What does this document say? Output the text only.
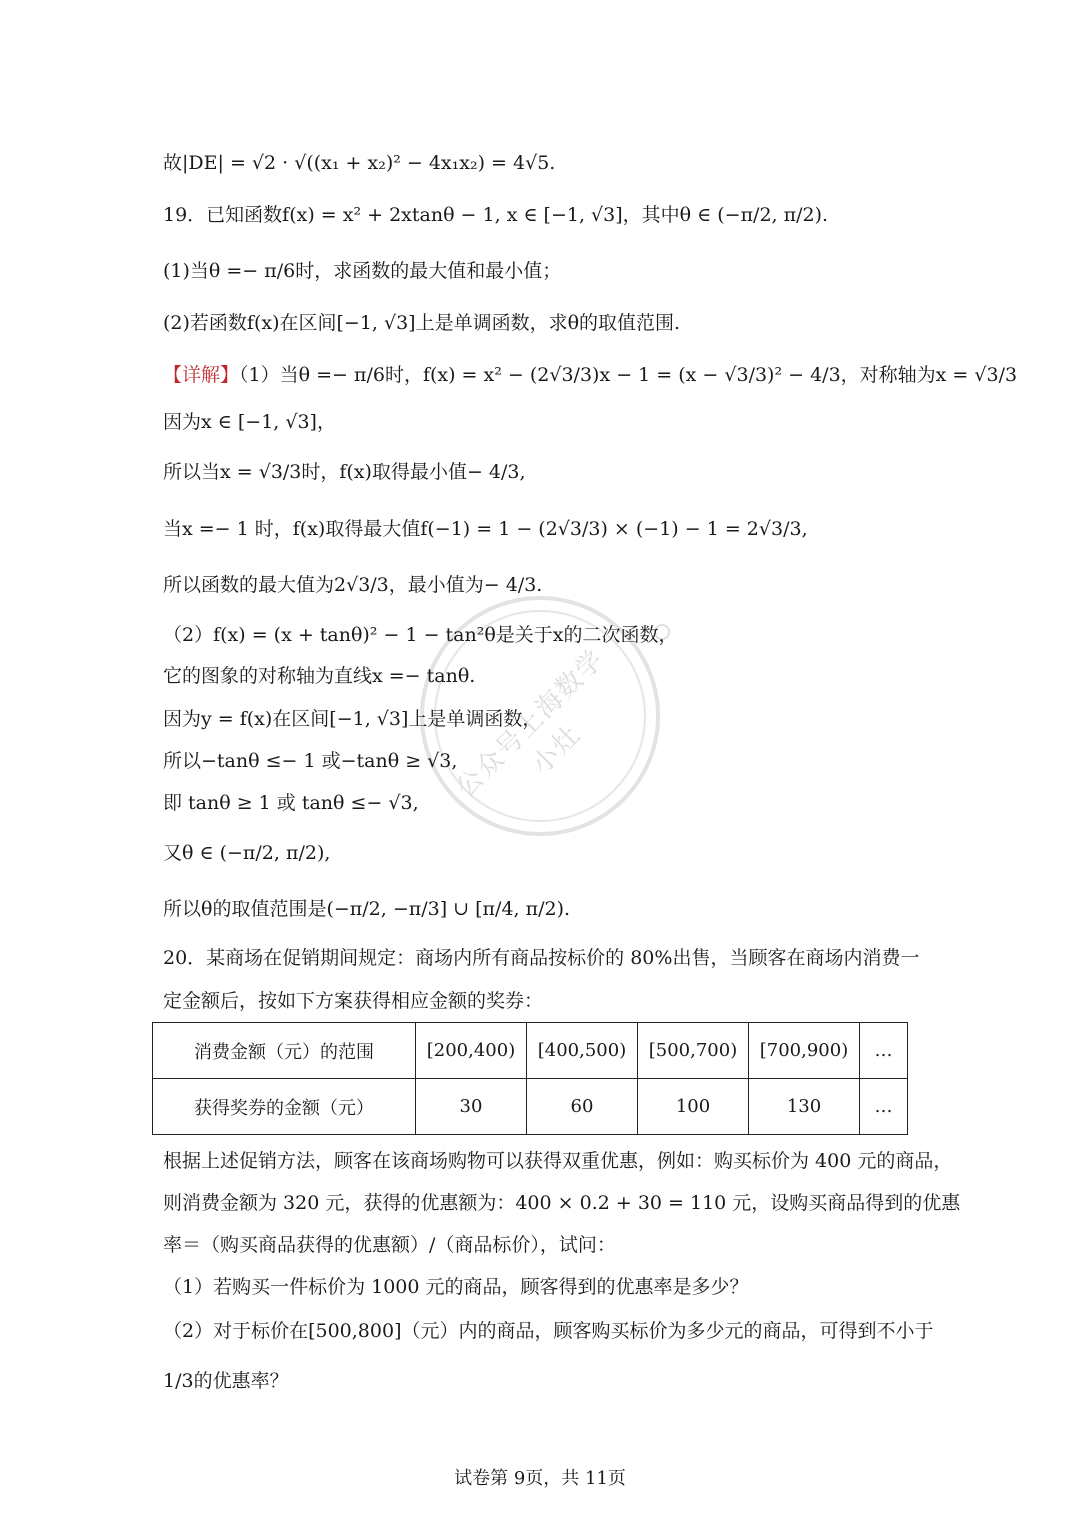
公众号上海数学小灶
故|DE| = √2 · √((x₁ + x₂)² − 4x₁x₂) = 4√5.
19．已知函数f(x) = x² + 2xtanθ − 1, x ∈ [−1, √3]，其中θ ∈ (−π/2, π/2).
(1)当θ =− π/6时，求函数的最大值和最小值；
(2)若函数f(x)在区间[−1, √3]上是单调函数，求θ的取值范围.
【详解】（1）当θ =− π/6时，f(x) = x² − (2√3/3)x − 1 = (x − √3/3)² − 4/3，对称轴为x = √3/3
因为x ∈ [−1, √3]，
所以当x = √3/3时，f(x)取得最小值− 4/3,
当x =− 1 时，f(x)取得最大值f(−1) = 1 − (2√3/3) × (−1) − 1 = 2√3/3,
所以函数的最大值为2√3/3，最小值为− 4/3.
（2）f(x) = (x + tanθ)² − 1 − tan²θ是关于x的二次函数，
它的图象的对称轴为直线x =− tanθ.
因为y = f(x)在区间[−1, √3]上是单调函数，
所以−tanθ ≤− 1 或−tanθ ≥ √3,
即 tanθ ≥ 1 或 tanθ ≤− √3,
又θ ∈ (−π/2, π/2),
所以θ的取值范围是(−π/2, −π/3] ∪ [π/4, π/2).
20．某商场在促销期间规定：商场内所有商品按标价的 80%出售，当顾客在商场内消费一
定金额后，按如下方案获得相应金额的奖券：
消费金额（元）的范围	[200,400)	[400,500)	[500,700)	[700,900)	…
获得奖券的金额（元）	30	60	100	130	…
根据上述促销方法，顾客在该商场购物可以获得双重优惠，例如：购买标价为 400 元的商品，
则消费金额为 320 元，获得的优惠额为：400 × 0.2 + 30 = 110 元，设购买商品得到的优惠
率＝（购买商品获得的优惠额）/（商品标价），试问：
（1）若购买一件标价为 1000 元的商品，顾客得到的优惠率是多少？
（2）对于标价在[500,800]（元）内的商品，顾客购买标价为多少元的商品，可得到不小于
1/3的优惠率？
试卷第 9页，共 11页
